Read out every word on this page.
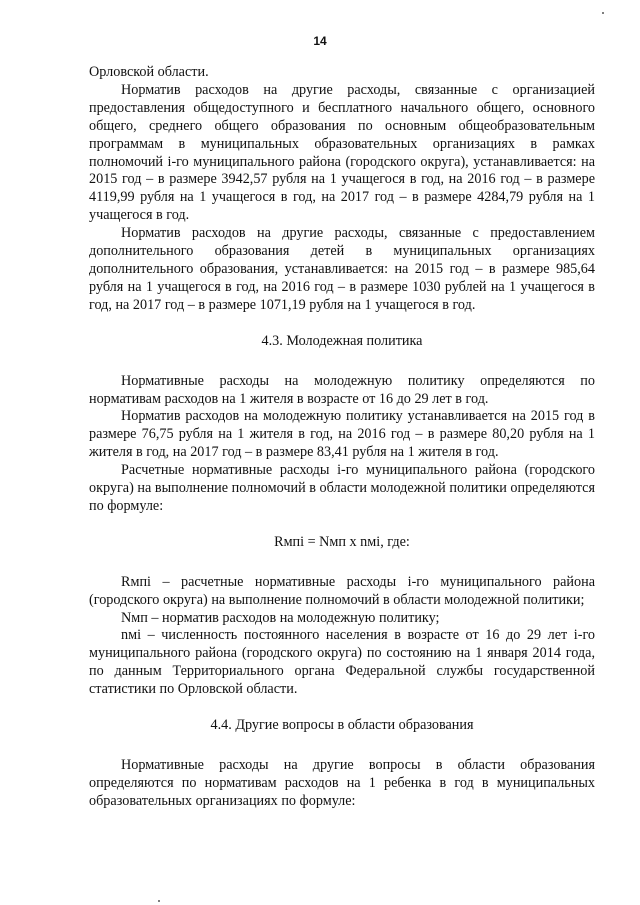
14

Орловской области.

Норматив расходов на другие расходы, связанные с организацией предоставления общедоступного и бесплатного начального общего, основного общего, среднего общего образования по основным общеобразовательным программам в муниципальных образовательных организациях в рамках полномочий i-го муниципального района (городского округа), устанавливается: на 2015 год – в размере 3942,57 рубля на 1 учащегося в год, на 2016 год – в размере 4119,99 рубля на 1 учащегося в год, на 2017 год – в размере 4284,79 рубля на 1 учащегося в год.

Норматив расходов на другие расходы, связанные с предоставлением дополнительного образования детей в муниципальных организациях дополнительного образования, устанавливается: на 2015 год – в размере 985,64 рубля на 1 учащегося в год, на 2016 год – в размере 1030 рублей на 1 учащегося в год, на 2017 год – в размере 1071,19 рубля на 1 учащегося в год.

4.3. Молодежная политика

Нормативные расходы на молодежную политику определяются по нормативам расходов на 1 жителя в возрасте от 16 до 29 лет в год.

Норматив расходов на молодежную политику устанавливается на 2015 год в размере 76,75 рубля на 1 жителя в год, на 2016 год – в размере 80,20 рубля на 1 жителя в год, на 2017 год – в размере 83,41 рубля на 1 жителя в год.

Расчетные нормативные расходы i-го муниципального района (городского округа) на выполнение полномочий в области молодежной политики определяются по формуле:

Rмпi = Nмп x nмi, где:

Rмпi – расчетные нормативные расходы i-го муниципального района (городского округа) на выполнение полномочий в области молодежной политики;

Nмп – норматив расходов на молодежную политику;

nмi – численность постоянного населения в возрасте от 16 до 29 лет i-го муниципального района (городского округа) по состоянию на 1 января 2014 года, по данным Территориального органа Федеральной службы государственной статистики по Орловской области.

4.4. Другие вопросы в области образования

Нормативные расходы на другие вопросы в области образования определяются по нормативам расходов на 1 ребенка в год в муниципальных образовательных организациях по формуле:
